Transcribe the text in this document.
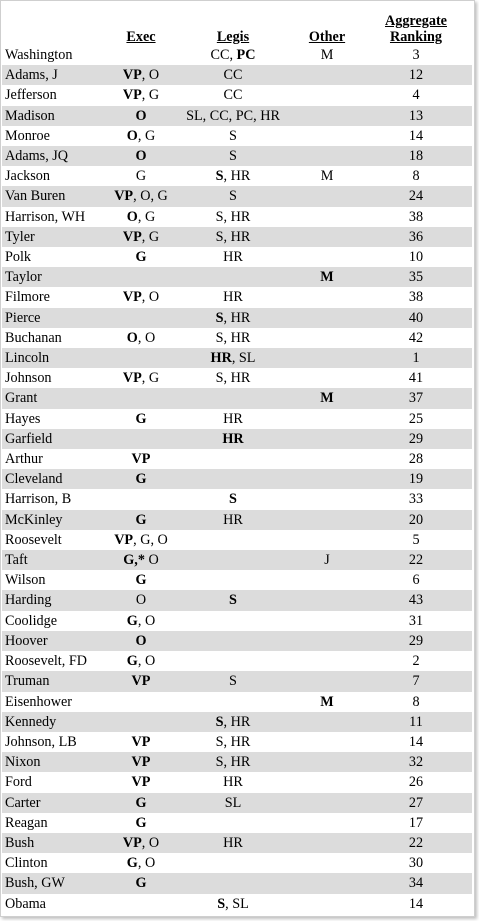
	Exec	Legis	Other	Aggregate
Ranking
Washington		CC, PC	M	3
Adams, J	VP, O	CC		12
Jefferson	VP, G	CC		4
Madison	O	SL, CC, PC, HR		13
Monroe	O, G	S		14
Adams, JQ	O	S		18
Jackson	G	S, HR	M	8
Van Buren	VP, O, G	S		24
Harrison, WH	O, G	S, HR		38
Tyler	VP, G	S, HR		36
Polk	G	HR		10
Taylor			M	35
Filmore	VP, O	HR		38
Pierce		S, HR		40
Buchanan	O, O	S, HR		42
Lincoln		HR, SL		1
Johnson	VP, G	S, HR		41
Grant			M	37
Hayes	G	HR		25
Garfield		HR		29
Arthur	VP			28
Cleveland	G			19
Harrison, B		S		33
McKinley	G	HR		20
Roosevelt	VP, G, O			5
Taft	G,* O		J	22
Wilson	G			6
Harding	O	S		43
Coolidge	G, O			31
Hoover	O			29
Roosevelt, FD	G, O			2
Truman	VP	S		7
Eisenhower			M	8
Kennedy		S, HR		11
Johnson, LB	VP	S, HR		14
Nixon	VP	S, HR		32
Ford	VP	HR		26
Carter	G	SL		27
Reagan	G			17
Bush	VP, O	HR		22
Clinton	G, O			30
Bush, GW	G			34
Obama		S, SL		14
